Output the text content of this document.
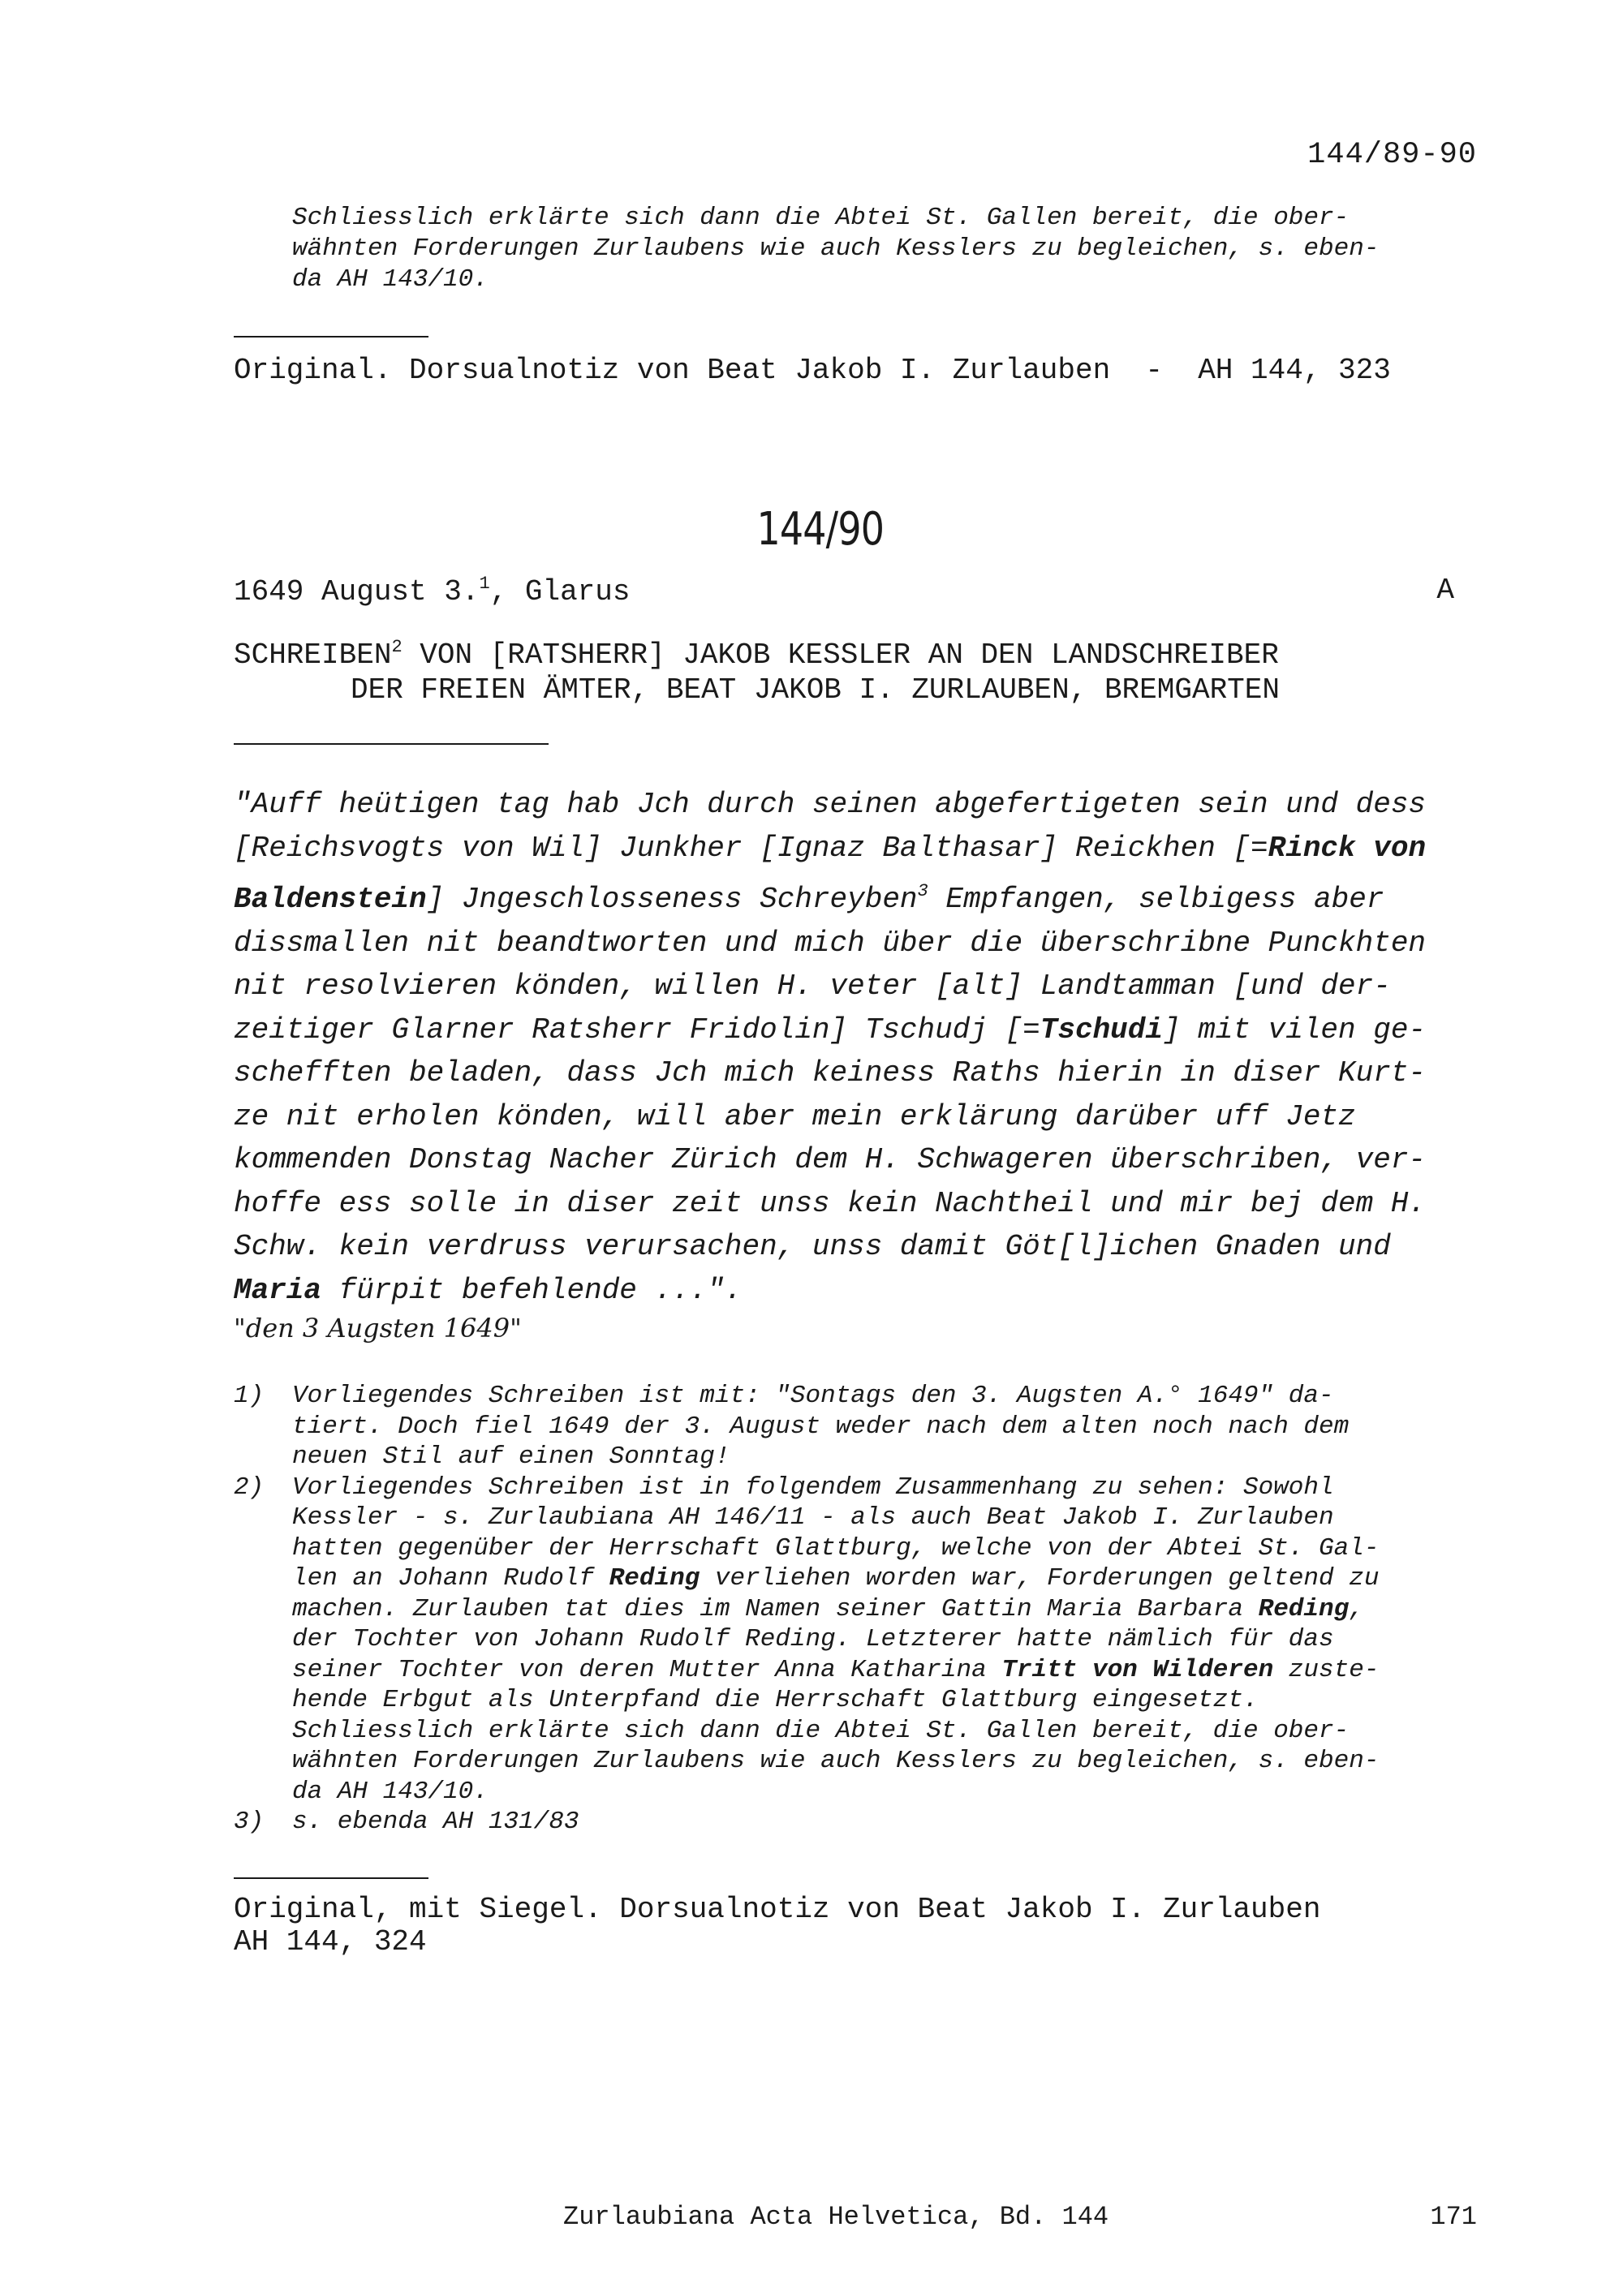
144/89-90
Schliesslich erklärte sich dann die Abtei St. Gallen bereit, die ober-
wähnten Forderungen Zurlaubens wie auch Kesslers zu begleichen, s. eben-
da AH 143/10.
Original. Dorsualnotiz von Beat Jakob I. Zurlauben  -  AH 144, 323
144/90
1649 August 3.$^1$, Glarus	A
SCHREIBEN$^2$ VON [RATSHERR] JAKOB KESSLER AN DEN LANDSCHREIBER
DER FREIEN ÄMTER, BEAT JAKOB I. ZURLAUBEN, BREMGARTEN
"Auff heütigen tag hab Jch durch seinen abgefertigeten sein und dess
[Reichsvogts von Wil] Junkher [Ignaz Balthasar] Reickhen [=Rinck von
Baldenstein] Jngeschlosseness Schreyben$^3$ Empfangen, selbigess aber
dissmallen nit beandtworten und mich über die überschribne Punckhten
nit resolvieren könden, willen H. veter [alt] Landtamman [und der-
zeitiger Glarner Ratsherr Fridolin] Tschudj [=Tschudi] mit vilen ge-
schefften beladen, dass Jch mich keiness Raths hierin in diser Kurt-
ze nit erholen könden, will aber mein erklärung darüber uff Jetz
kommenden Donstag Nacher Zürich dem H. Schwageren überschriben, ver-
hoffe ess solle in diser zeit unss kein Nachtheil und mir bej dem H.
Schw. kein verdruss verursachen, unss damit Göt[l]ichen Gnaden und
Maria fürpit befehlende ...".
"den 3 Augsten 1649"
1) Vorliegendes Schreiben ist mit: "Sontags den 3. Augsten A.° 1649" da-
tiert. Doch fiel 1649 der 3. August weder nach dem alten noch nach dem
neuen Stil auf einen Sonntag!
2) Vorliegendes Schreiben ist in folgendem Zusammenhang zu sehen: Sowohl
Kessler - s. Zurlaubiana AH 146/11 - als auch Beat Jakob I. Zurlauben
hatten gegenüber der Herrschaft Glattburg, welche von der Abtei St. Gal-
len an Johann Rudolf Reding verliehen worden war, Forderungen geltend zu
machen. Zurlauben tat dies im Namen seiner Gattin Maria Barbara Reding,
der Tochter von Johann Rudolf Reding. Letzterer hatte nämlich für das
seiner Tochter von deren Mutter Anna Katharina Tritt von Wilderen zuste-
hende Erbgut als Unterpfand die Herrschaft Glattburg eingesetzt.
Schliesslich erklärte sich dann die Abtei St. Gallen bereit, die ober-
wähnten Forderungen Zurlaubens wie auch Kesslers zu begleichen, s. eben-
da AH 143/10.
3) s. ebenda AH 131/83
Original, mit Siegel. Dorsualnotiz von Beat Jakob I. Zurlauben
AH 144, 324
Zurlaubiana Acta Helvetica, Bd. 144	171
